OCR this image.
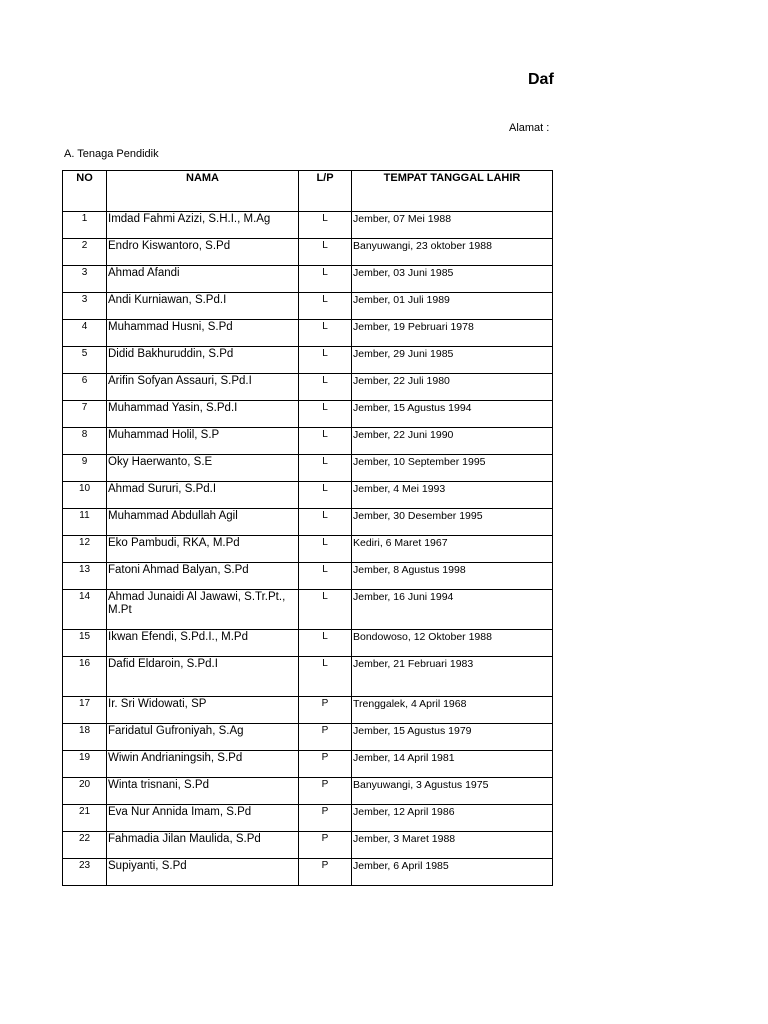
Daf
Alamat :
A. Tenaga Pendidik
NO	NAMA	L/P	TEMPAT TANGGAL LAHIR
1	Imdad Fahmi Azizi, S.H.I., M.Ag	L	Jember, 07 Mei 1988
2	Endro Kiswantoro, S.Pd	L	Banyuwangi, 23 oktober 1988
3	Ahmad Afandi	L	Jember, 03 Juni 1985
3	Andi Kurniawan, S.Pd.I	L	Jember, 01 Juli 1989
4	Muhammad Husni, S.Pd	L	Jember, 19 Pebruari 1978
5	Didid Bakhuruddin, S.Pd	L	Jember, 29 Juni 1985
6	Arifin Sofyan Assauri, S.Pd.I	L	Jember, 22 Juli 1980
7	Muhammad Yasin, S.Pd.I	L	Jember, 15 Agustus 1994
8	Muhammad Holil, S.P	L	Jember, 22 Juni 1990
9	Oky Haerwanto, S.E	L	Jember, 10 September 1995
10	Ahmad Sururi, S.Pd.I	L	Jember, 4 Mei 1993
11	Muhammad Abdullah Agil	L	Jember, 30 Desember 1995
12	Eko Pambudi, RKA, M.Pd	L	Kediri, 6 Maret 1967
13	Fatoni Ahmad Balyan, S.Pd	L	Jember, 8 Agustus 1998
14	Ahmad Junaidi Al Jawawi, S.Tr.Pt., M.Pt	L	Jember, 16 Juni 1994
15	Ikwan Efendi, S.Pd.I., M.Pd	L	Bondowoso, 12 Oktober 1988
16	Dafid Eldaroin, S.Pd.I	L	Jember, 21 Februari 1983
17	Ir. Sri Widowati, SP	P	Trenggalek, 4 April 1968
18	Faridatul Gufroniyah, S.Ag	P	Jember, 15 Agustus 1979
19	Wiwin Andrianingsih, S.Pd	P	Jember, 14 April 1981
20	Winta trisnani, S.Pd	P	Banyuwangi, 3 Agustus 1975
21	Eva Nur Annida Imam, S.Pd	P	Jember, 12 April 1986
22	Fahmadia Jilan Maulida, S.Pd	P	Jember, 3 Maret 1988
23	Supiyanti, S.Pd	P	Jember, 6 April 1985
